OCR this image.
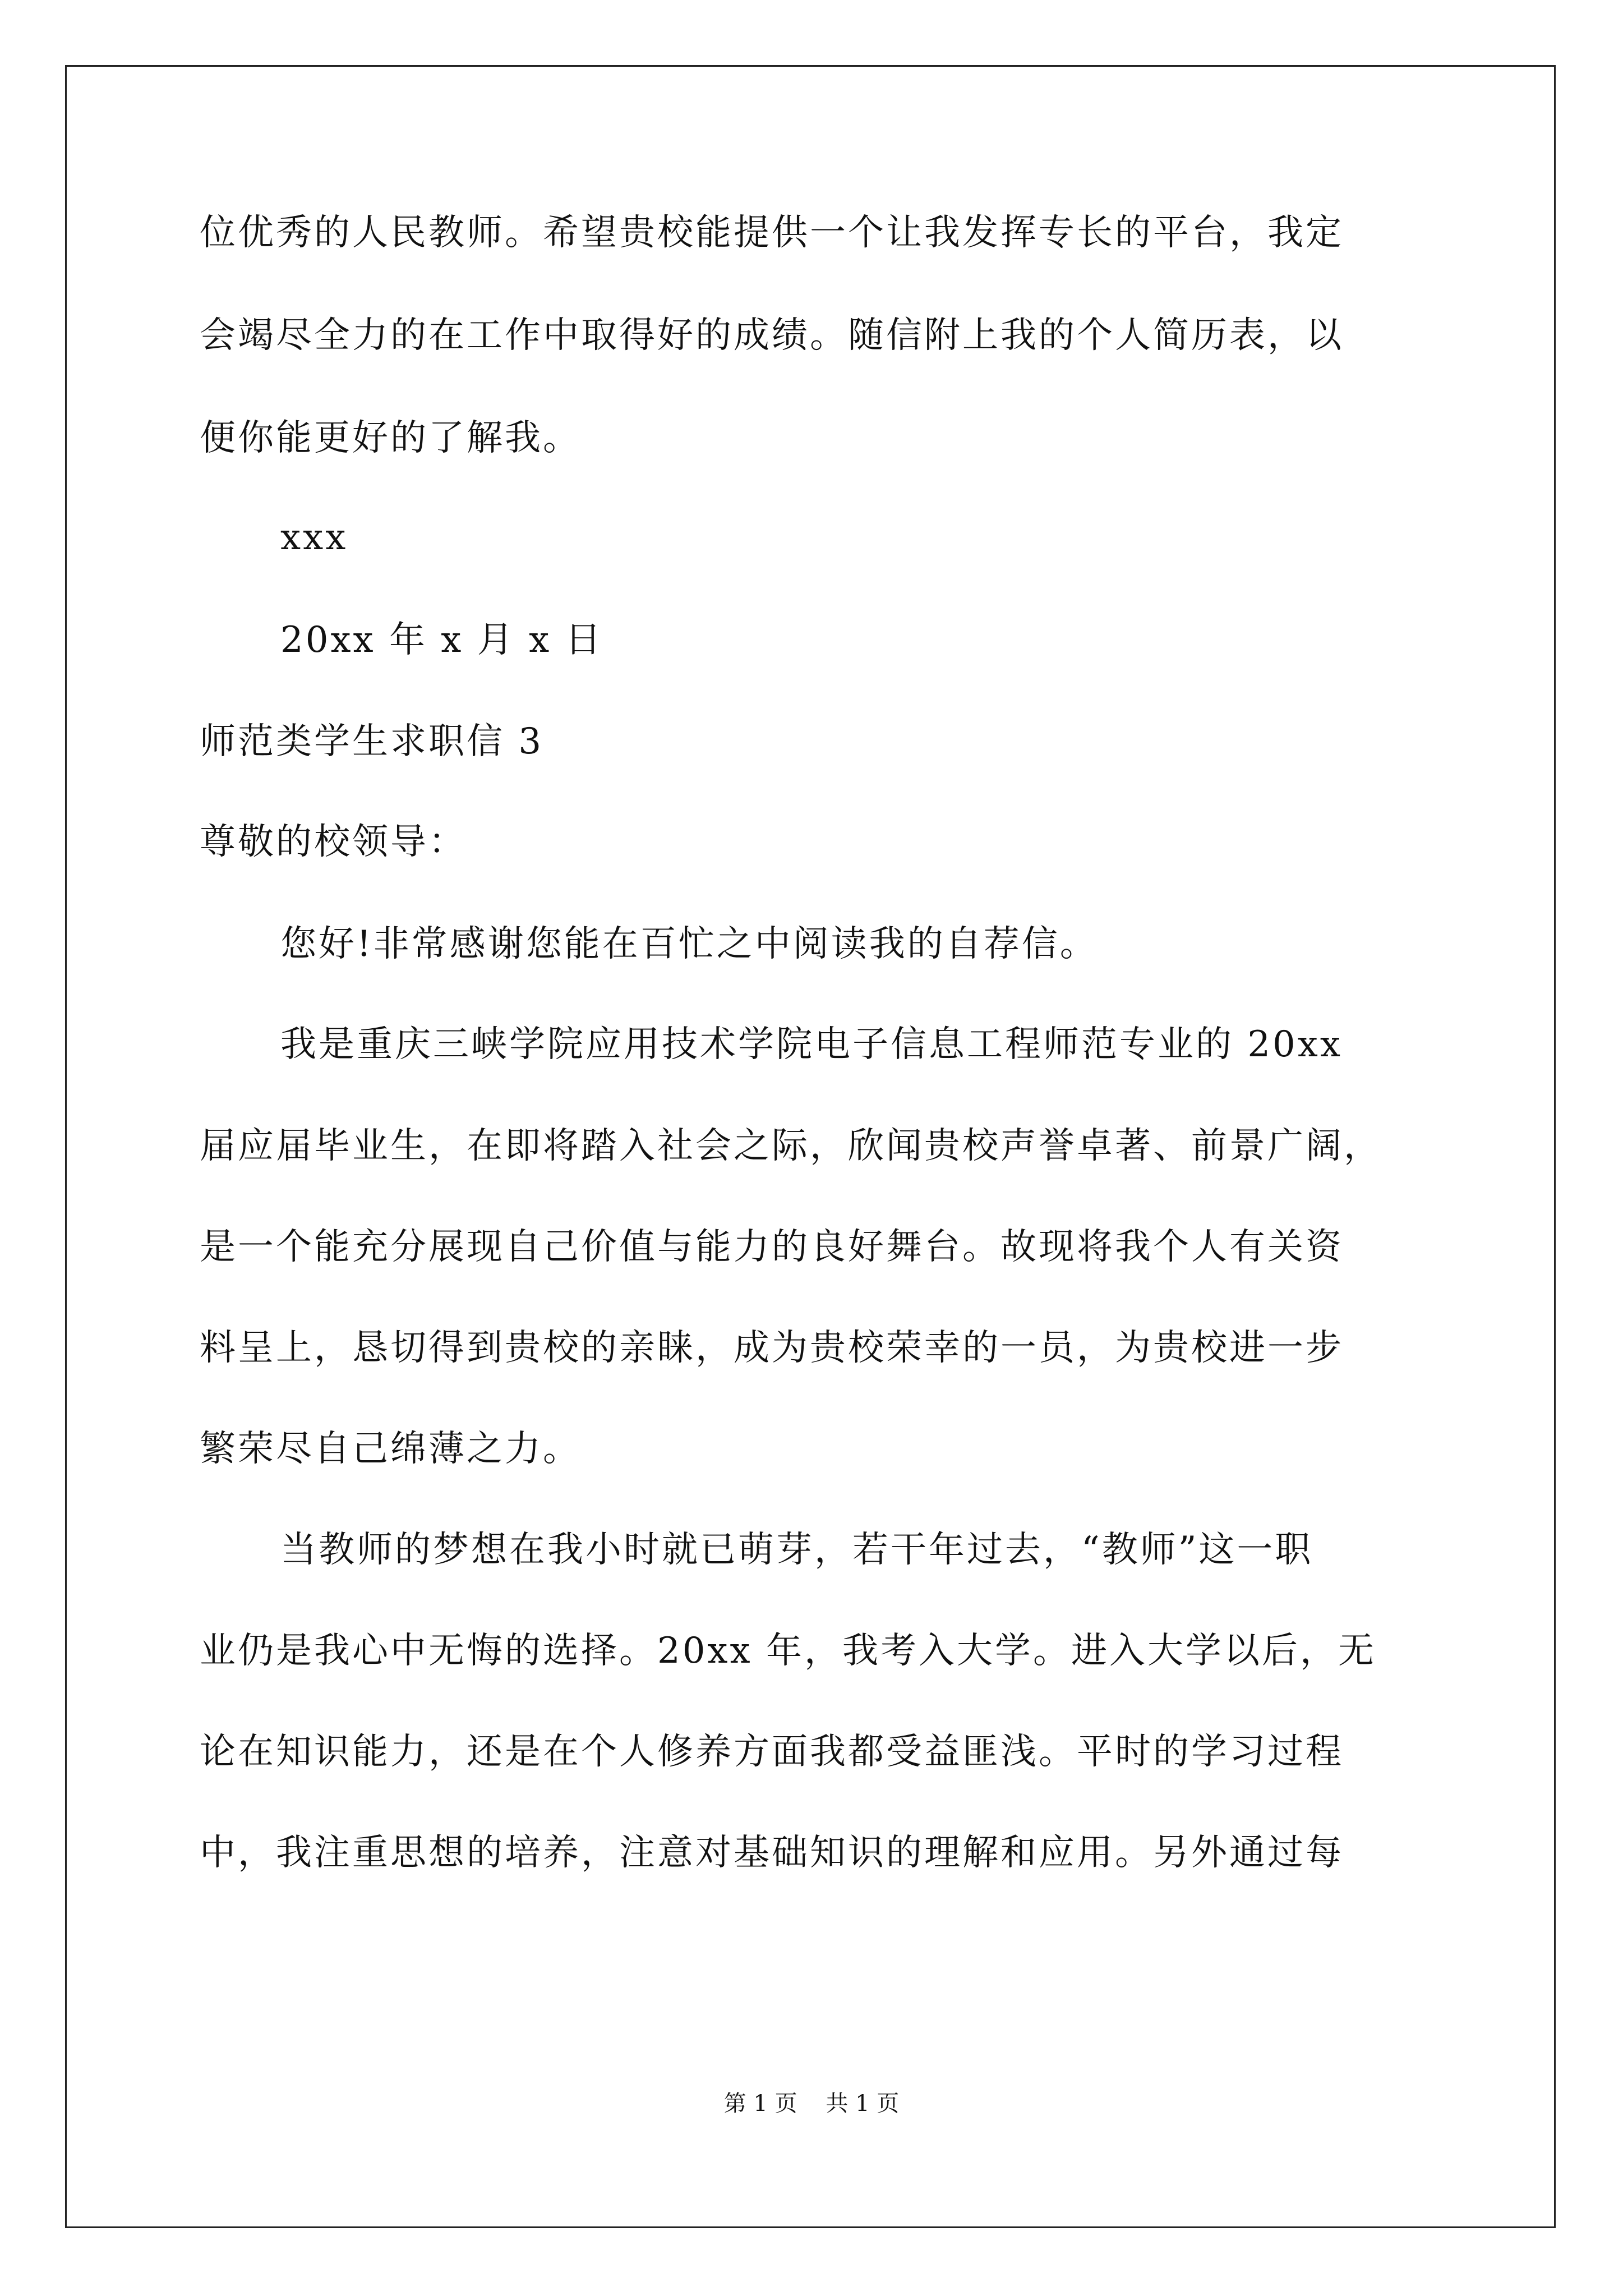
位优秀的人民教师。希望贵校能提供一个让我发挥专长的平台，我定
会竭尽全力的在工作中取得好的成绩。随信附上我的个人简历表，以
便你能更好的了解我。
xxx
20xx 年 x 月 x 日
师范类学生求职信 3
尊敬的校领导：
您好!非常感谢您能在百忙之中阅读我的自荐信。
我是重庆三峡学院应用技术学院电子信息工程师范专业的 20xx
届应届毕业生，在即将踏入社会之际，欣闻贵校声誉卓著、前景广阔，
是一个能充分展现自己价值与能力的良好舞台。故现将我个人有关资
料呈上，恳切得到贵校的亲睐，成为贵校荣幸的一员，为贵校进一步
繁荣尽自己绵薄之力。
当教师的梦想在我小时就已萌芽，若干年过去，“教师”这一职
业仍是我心中无悔的选择。20xx 年，我考入大学。进入大学以后，无
论在知识能力，还是在个人修养方面我都受益匪浅。平时的学习过程
中，我注重思想的培养，注意对基础知识的理解和应用。另外通过每
第 1 页    共 1 页
